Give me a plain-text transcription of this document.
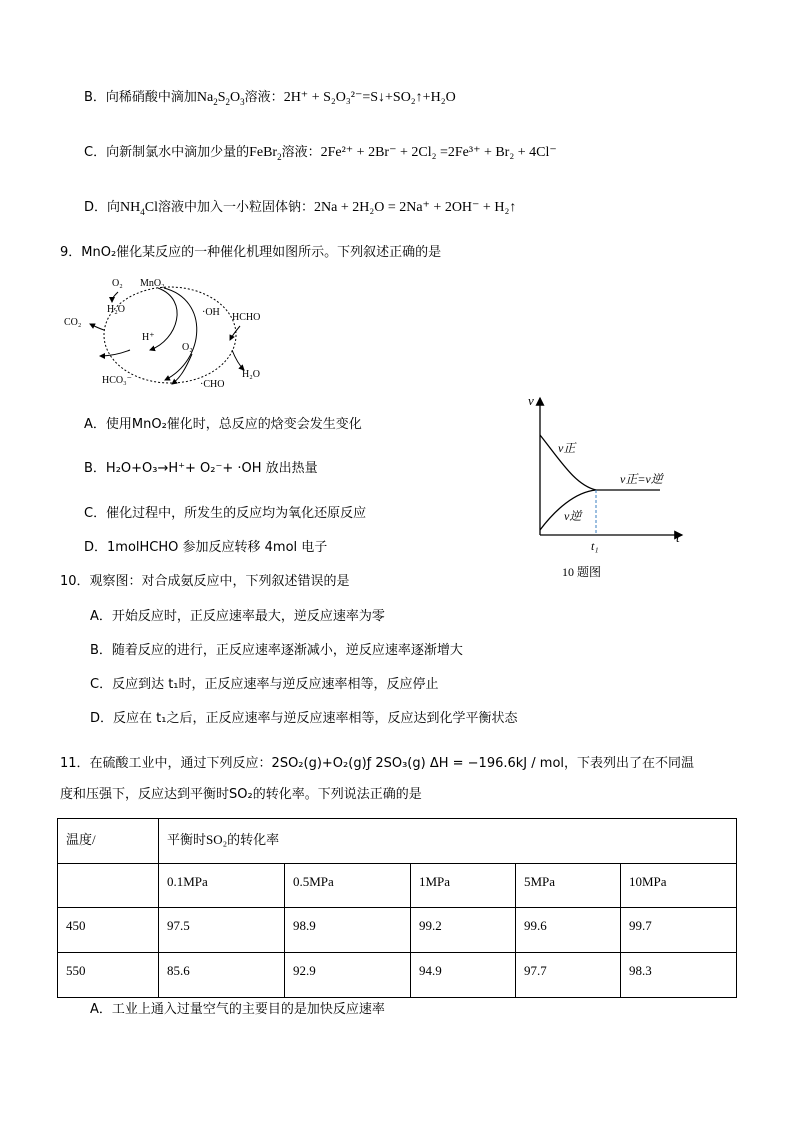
B．向稀硝酸中滴加$Na_2S_2O_3$溶液：2H⁺ + S₂O₃²⁻=S↓+SO₂↑+H₂O
C．向新制氯水中滴加少量的FeBr$_2$溶液：2Fe²⁺ + 2Br⁻ + 2Cl₂ =2Fe³⁺ + Br₂ + 4Cl⁻
D．向$NH_4Cl$溶液中加入一小粒固体钠：2Na + 2H₂O = 2Na⁺ + 2OH⁻ + H₂↑
9．MnO₂催化某反应的一种催化机理如图所示。下列叙述正确的是
O₂ MnO₂
H₂O
CO₂
·OH HCHO
H⁺
O₂
H₂O
HCO₃⁻	·CHO
A．使用MnO₂催化时，总反应的焓变会发生变化
B．H₂O+O₃→H⁺+ O₂⁻+ ·OH 放出热量
C．催化过程中，所发生的反应均为氧化还原反应
D．1molHCHO 参加反应转移 4mol 电子
v
t
v正
v逆
v正=v逆
t₁
10 题图
10．观察图：对合成氨反应中，下列叙述错误的是
A．开始反应时，正反应速率最大，逆反应速率为零
B．随着反应的进行，正反应速率逐渐减小，逆反应速率逐渐增大
C．反应到达 t₁时，正反应速率与逆反应速率相等，反应停止
D．反应在 t₁之后，正反应速率与逆反应速率相等，反应达到化学平衡状态
11．在硫酸工业中，通过下列反应：2SO₂(g)+O₂(g)ƒ 2SO₃(g) ΔH = −196.6kJ / mol，下表列出了在不同温
度和压强下，反应达到平衡时SO₂的转化率。下列说法正确的是
温度/	平衡时SO₂的转化率				
	0.1MPa	0.5MPa	1MPa	5MPa	10MPa
450	97.5	98.9	99.2	99.6	99.7
550	85.6	92.9	94.9	97.7	98.3
A．工业上通入过量空气的主要目的是加快反应速率
